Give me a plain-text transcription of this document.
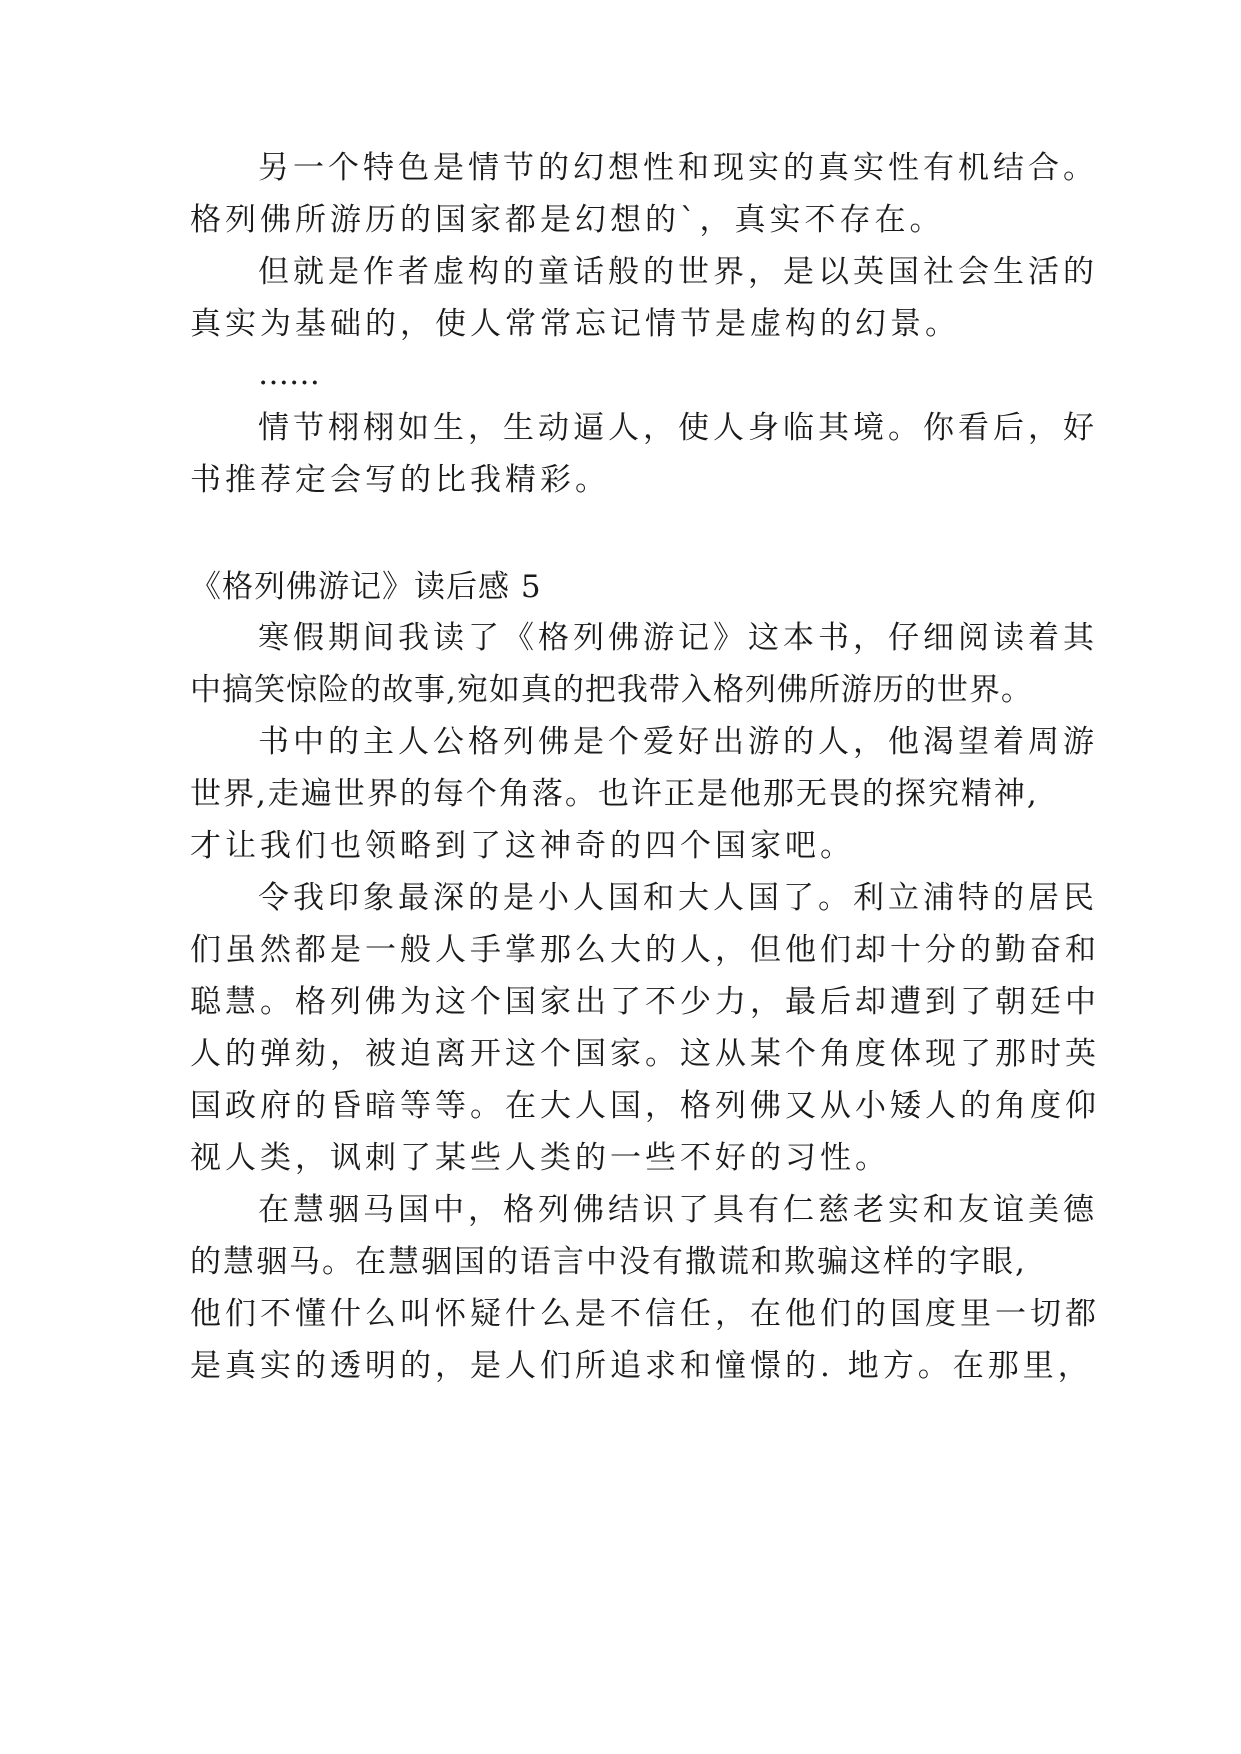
另一个特色是情节的幻想性和现实的真实性有机结合。

格列佛所游历的国家都是幻想的`，真实不存在。

但就是作者虚构的童话般的世界，是以英国社会生活的

真实为基础的，使人常常忘记情节是虚构的幻景。

……

情节栩栩如生，生动逼人，使人身临其境。你看后，好

书推荐定会写的比我精彩。

《格列佛游记》读后感 5

寒假期间我读了《格列佛游记》这本书，仔细阅读着其

中搞笑惊险的故事,宛如真的把我带入格列佛所游历的世界。

书中的主人公格列佛是个爱好出游的人，他渴望着周游

世界,走遍世界的每个角落。也许正是他那无畏的探究精神,

才让我们也领略到了这神奇的四个国家吧。

令我印象最深的是小人国和大人国了。利立浦特的居民

们虽然都是一般人手掌那么大的人，但他们却十分的勤奋和

聪慧。格列佛为这个国家出了不少力，最后却遭到了朝廷中

人的弹劾，被迫离开这个国家。这从某个角度体现了那时英

国政府的昏暗等等。在大人国，格列佛又从小矮人的角度仰

视人类，讽刺了某些人类的一些不好的习性。

在慧骃马国中，格列佛结识了具有仁慈老实和友谊美德

的慧骃马。在慧骃国的语言中没有撒谎和欺骗这样的字眼,

他们不懂什么叫怀疑什么是不信任，在他们的国度里一切都

是真实的透明的，是人们所追求和憧憬的. 地方。在那里，
